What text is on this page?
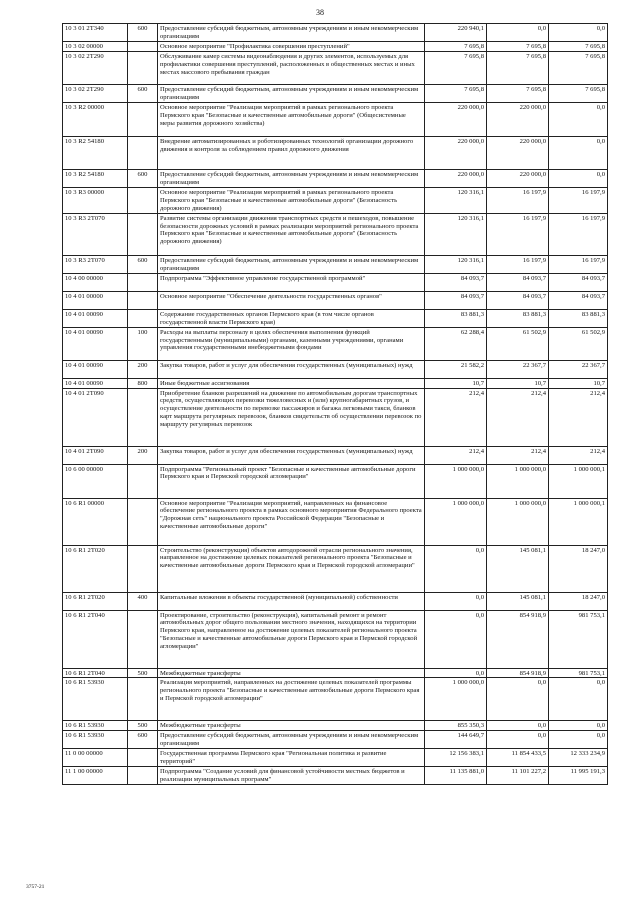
38
10 3 01 2Т340	600	Предоставление субсидий бюджетным, автономным учреждениям и иным некоммерческим организациям	220 940,1	0,0	0,0
10 3 02 00000		Основное мероприятие "Профилактика совершения преступлений"	7 695,8	7 695,8	7 695,8
10 3 02 2Т290		Обслуживание камер системы видеонаблюдения и других элементов, используемых для профилактики совершения преступлений, расположенных в общественных местах и иных местах массового пребывания граждан	7 695,8	7 695,8	7 695,8
10 3 02 2Т290	600	Предоставление субсидий бюджетным, автономным учреждениям и иным некоммерческим организациям	7 695,8	7 695,8	7 695,8
10 3 R2 00000		Основное мероприятие "Реализация мероприятий в рамках регионального проекта Пермского края "Безопасные и качественные автомобильные дороги" (Общесистемные меры развития дорожного хозяйства)	220 000,0	220 000,0	0,0
10 3 R2 54180		Внедрение автоматизированных и роботизированных технологий организации дорожного движения и контроля за соблюдением правил дорожного движения	220 000,0	220 000,0	0,0
10 3 R2 54180	600	Предоставление субсидий бюджетным, автономным учреждениям и иным некоммерческим организациям	220 000,0	220 000,0	0,0
10 3 R3 00000		Основное мероприятие "Реализация мероприятий в рамках регионального проекта Пермского края "Безопасные и качественные автомобильные дороги" (Безопасность дорожного движения)	120 316,1	16 197,9	16 197,9
10 3 R3 2Т070		Развитие системы организации движения транспортных средств и пешеходов, повышение безопасности дорожных условий в рамках реализации мероприятий регионального проекта Пермского края "Безопасные и качественные автомобильные дороги" (Безопасность дорожного движения)	120 316,1	16 197,9	16 197,9
10 3 R3 2Т070	600	Предоставление субсидий бюджетным, автономным учреждениям и иным некоммерческим организациям	120 316,1	16 197,9	16 197,9
10 4 00 00000		Подпрограмма "Эффективное управление государственной программой"	84 093,7	84 093,7	84 093,7
10 4 01 00000		Основное мероприятие "Обеспечение деятельности государственных органов"	84 093,7	84 093,7	84 093,7
10 4 01 00090		Содержание государственных органов Пермского края (в том числе органов государственной власти Пермского края)	83 881,3	83 881,3	83 881,3
10 4 01 00090	100	Расходы на выплаты персоналу в целях обеспечения выполнения функций государственными (муниципальными) органами, казенными учреждениями, органами управления государственными внебюджетными фондами	62 288,4	61 502,9	61 502,9
10 4 01 00090	200	Закупка товаров, работ и услуг для обеспечения государственных (муниципальных) нужд	21 582,2	22 367,7	22 367,7
10 4 01 00090	800	Иные бюджетные ассигнования	10,7	10,7	10,7
10 4 01 2Т090		Приобретение бланков разрешений на движение по автомобильным дорогам транспортных средств, осуществляющих перевозки тяжеловесных и (или) крупногабаритных грузов, и осуществление деятельности по перевозке пассажиров и багажа легковыми такси, бланков карт маршрута регулярных перевозок, бланков свидетельств об осуществлении перевозок по маршруту регулярных перевозок	212,4	212,4	212,4
10 4 01 2Т090	200	Закупка товаров, работ и услуг для обеспечения государственных (муниципальных) нужд	212,4	212,4	212,4
10 6 00 00000		Подпрограмма "Региональный проект "Безопасные и качественные автомобильные дороги Пермского края и Пермской городской агломерации"	1 000 000,0	1 000 000,0	1 000 000,1
10 6 R1 00000		Основное мероприятие "Реализация мероприятий, направленных на финансовое обеспечение регионального проекта в рамках основного мероприятия Федерального проекта "Дорожная сеть" национального проекта Российской Федерации "Безопасные и качественные автомобильные дороги"	1 000 000,0	1 000 000,0	1 000 000,1
10 6 R1 2Т020		Строительство (реконструкция) объектов автодорожной отрасли регионального значения, направленное на достижение целевых показателей регионального проекта "Безопасные и качественные автомобильные дороги Пермского края и Пермской городской агломерации"	0,0	145 081,1	18 247,0
10 6 R1 2Т020	400	Капитальные вложения в объекты государственной (муниципальной) собственности	0,0	145 081,1	18 247,0
10 6 R1 2Т040		Проектирование, строительство (реконструкция), капитальный ремонт и ремонт автомобильных дорог общего пользования местного значения, находящихся на территории Пермского края, направленное на достижение целевых показателей регионального проекта "Безопасные и качественные автомобильные дороги Пермского края и Пермской городской агломерации"	0,0	854 918,9	981 753,1
10 6 R1 2Т040	500	Межбюджетные трансферты	0,0	854 918,9	981 753,1
10 6 R1 53930		Реализация мероприятий, направленных на достижение целевых показателей программы регионального проекта "Безопасные и качественные автомобильные дороги Пермского края и Пермской городской агломерации"	1 000 000,0	0,0	0,0
10 6 R1 53930	500	Межбюджетные трансферты	855 350,3	0,0	0,0
10 6 R1 53930	600	Предоставление субсидий бюджетным, автономным учреждениям и иным некоммерческим организациям	144 649,7	0,0	0,0
11 0 00 00000		Государственная программа Пермского края "Региональная политика и развитие территорий"	12 156 383,1	11 854 433,5	12 333 234,9
11 1 00 00000		Подпрограмма "Создание условий для финансовой устойчивости местных бюджетов и реализации муниципальных программ"	11 135 881,0	11 101 227,2	11 995 191,3
3757-21
